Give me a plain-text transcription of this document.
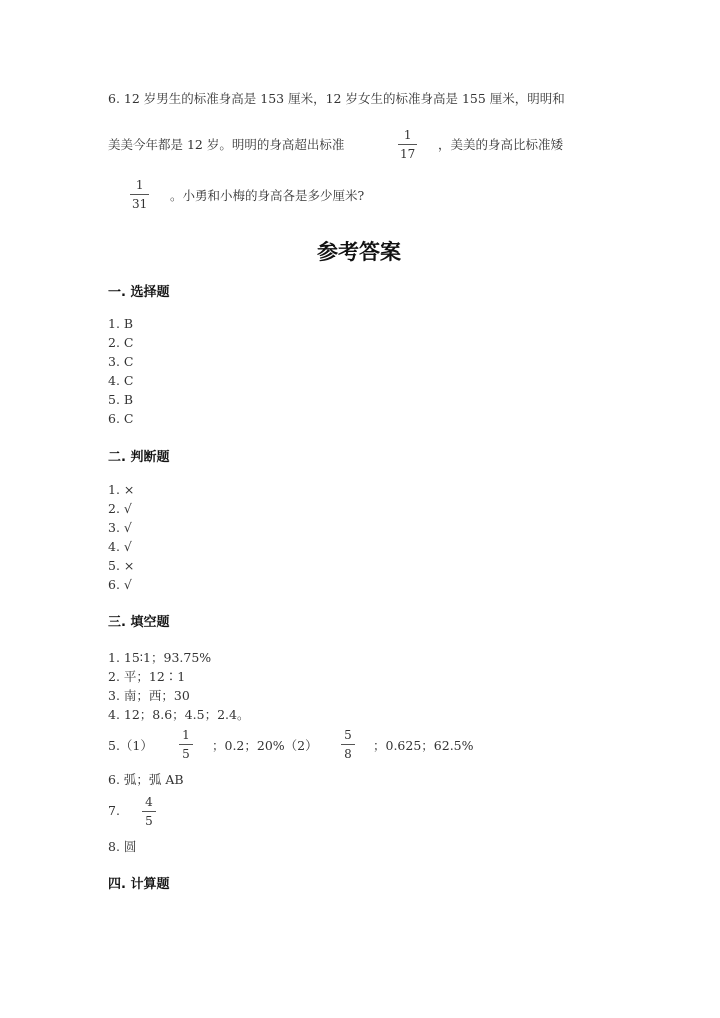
6. 12 岁男生的标准身高是 153 厘米，12 岁女生的标准身高是 155 厘米，明明和
美美今年都是 12 岁。明明的身高超出标准
1
17
，美美的身高比标准矮
1
31
。小勇和小梅的身高各是多少厘米?
参考答案
一. 选择题
1. B
2. C
3. C
4. C
5. B
6. C
二. 判断题
1. ×
2. √
3. √
4. √
5. ×
6. √
三. 填空题
1. 15∶1；93.75%
2. 平；12∶1
3. 南；西；30
4. 12；8.6；4.5；2.4。
5.（1）
1
5
；0.2；20%（2）
5
8
；0.625；62.5%
6. 弧；弧 AB
7.
4
5
8. 圆
四. 计算题
